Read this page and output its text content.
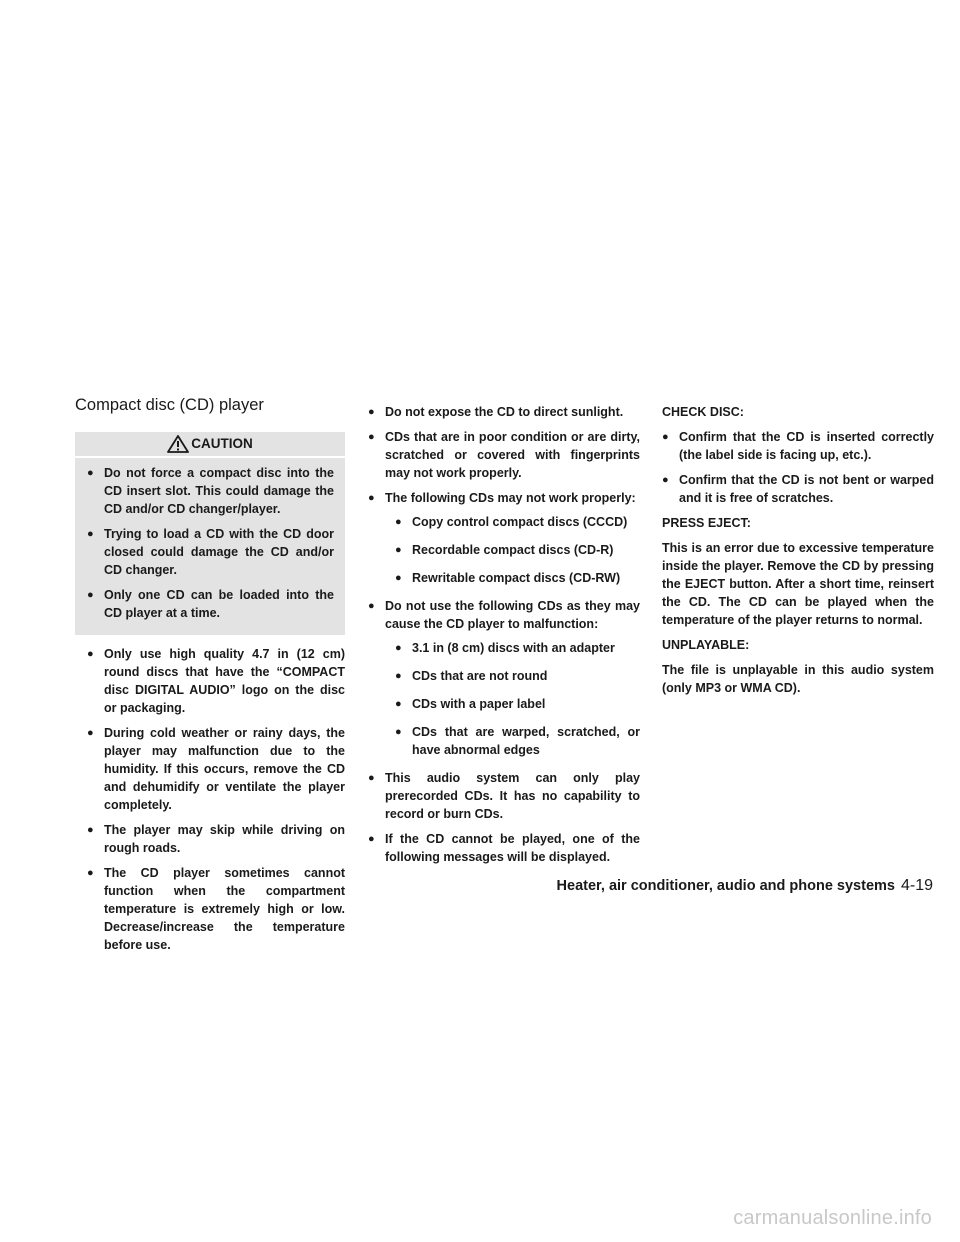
Compact disc (CD) player
CAUTION
● Do not force a compact disc into the CD insert slot. This could damage the CD and/or CD changer/player.
● Trying to load a CD with the CD door closed could damage the CD and/or CD changer.
● Only one CD can be loaded into the CD player at a time.
● Only use high quality 4.7 in (12 cm) round discs that have the “COMPACT disc DIGITAL AUDIO” logo on the disc or packaging.
● During cold weather or rainy days, the player may malfunction due to the humidity. If this occurs, remove the CD and dehumidify or ventilate the player completely.
● The player may skip while driving on rough roads.
● The CD player sometimes cannot function when the compartment temperature is extremely high or low. Decrease/increase the temperature before use.
● Do not expose the CD to direct sunlight.
● CDs that are in poor condition or are dirty, scratched or covered with fingerprints may not work properly.
● The following CDs may not work properly:
● Copy control compact discs (CCCD)
● Recordable compact discs (CD-R)
● Rewritable compact discs (CD-RW)
● Do not use the following CDs as they may cause the CD player to malfunction:
● 3.1 in (8 cm) discs with an adapter
● CDs that are not round
● CDs with a paper label
● CDs that are warped, scratched, or have abnormal edges
● This audio system can only play prerecorded CDs. It has no capability to record or burn CDs.
● If the CD cannot be played, one of the following messages will be displayed.

CHECK DISC:

● Confirm that the CD is inserted correctly (the label side is facing up, etc.).
● Confirm that the CD is not bent or warped and it is free of scratches.

PRESS EJECT:

This is an error due to excessive temperature inside the player. Remove the CD by pressing the EJECT button. After a short time, reinsert the CD. The CD can be played when the temperature of the player returns to normal.

UNPLAYABLE:

The file is unplayable in this audio system (only MP3 or WMA CD).

Heater, air conditioner, audio and phone systems 4-19
carmanualsonline.info
